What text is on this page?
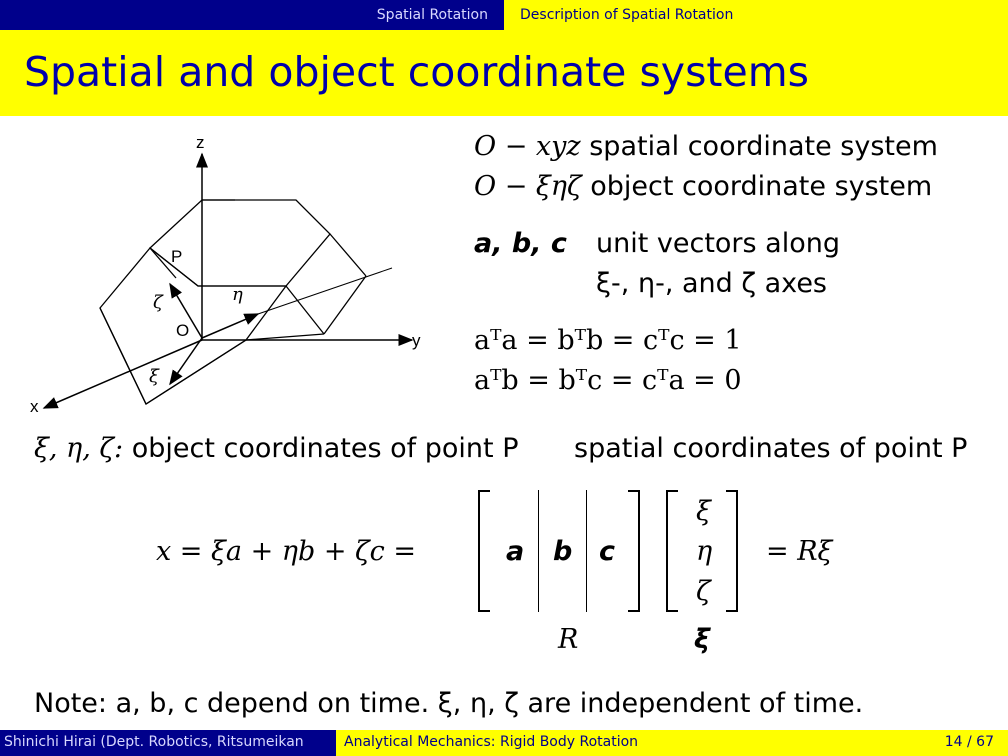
Spatial Rotation Description of Spatial Rotation
Spatial and object coordinate systems
z
y
x
P
O
ζ	η
ξ
O − xyz spatial coordinate system
O − ξηζ object coordinate system
a, b, c unit vectors along
ξ-, η-, and ζ axes
aᵀa = bᵀb = cᵀc = 1
aᵀb = bᵀc = cᵀa = 0
ξ, η, ζ: object coordinates of point P spatial coordinates of point P
x = ξa + ηb + ζc =	a b c
ξ
η
ζ
= Rξ
R	ξ
Note: a, b, c depend on time. ξ, η, ζ are independent of time.
Shinichi Hirai (Dept. Robotics, Ritsumeikan	Analytical Mechanics: Rigid Body Rotation	14 / 67
